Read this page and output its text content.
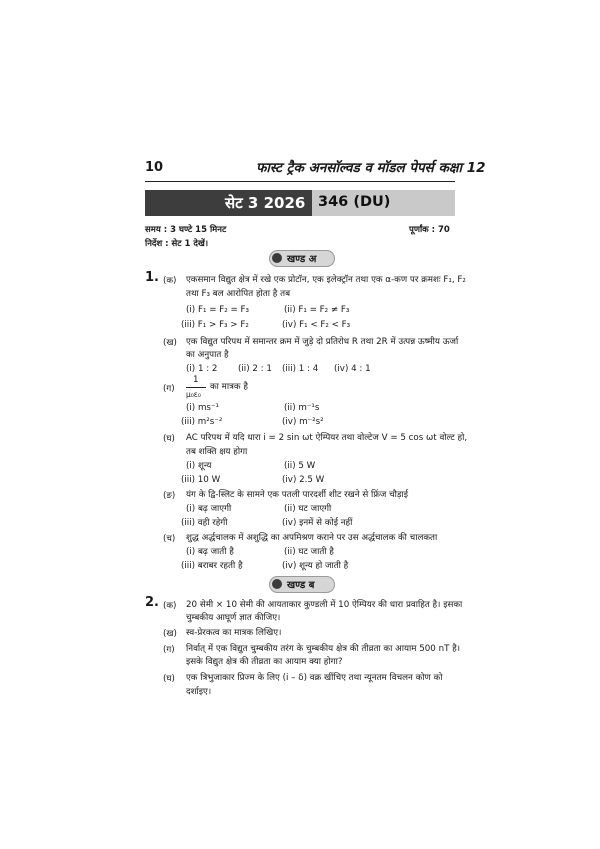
10	फास्ट ट्रैक अनसॉल्वड व मॉडल पेपर्स कक्षा 12
सेट 3 2026 346 (DU)
समय : 3 घण्टे 15 मिनट	पूर्णांक : 70
निर्देश : सेट 1 देखें।
खण्ड अ
1. (क) एकसमान विद्युत क्षेत्र में रखे एक प्रोटॉन, एक इलेक्ट्रॉन तथा एक α-कण पर क्रमशः F₁, F₂
तथा F₃ बल आरोपित होता है तब
(i) F₁ = F₂ = F₃	(ii) F₁ = F₂ ≠ F₃
(iii) F₁ > F₃ > F₂	(iv) F₁ < F₂ < F₃
(ख) एक विद्युत परिपथ में समान्तर क्रम में जुड़े दो प्रतिरोध R तथा 2R में उत्पन्न ऊष्मीय ऊर्जा
का अनुपात है
(i) 1 : 2 (ii) 2 : 1 (iii) 1 : 4 (iv) 4 : 1
(ग)
1
μ₀ε₀
का मात्रक है
(i) ms⁻¹	(ii) m⁻¹s
(iii) m²s⁻²	(iv) m⁻²s²
(घ) AC परिपथ में यदि धारा i = 2 sin ωt ऐम्पियर तथा वोल्टेज V = 5 cos ωt वोल्ट हो,
तब शक्ति क्षय होगा
(i) शून्य	(ii) 5 W
(iii) 10 W	(iv) 2.5 W
(ङ) यंग के द्वि-स्लिट के सामने एक पतली पारदर्शी शीट रखने से फ्रिंज चौड़ाई
(i) बढ़ जाएगी	(ii) घट जाएगी
(iii) वही रहेगी	(iv) इनमें से कोई नहीं
(च) शुद्ध अर्द्धचालक में अशुद्धि का अपमिश्रण कराने पर उस अर्द्धचालक की चालकता
(i) बढ़ जाती है	(ii) घट जाती है
(iii) बराबर रहती है	(iv) शून्य हो जाती है
खण्ड ब
2. (क) 20 सेमी × 10 सेमी की आयताकार कुण्डली में 10 ऐम्पियर की धारा प्रवाहित है। इसका
चुम्बकीय आघूर्ण ज्ञात कीजिए।
(ख) स्व-प्रेरकत्व का मात्रक लिखिए।
(ग) निर्वात् में एक विद्युत चुम्बकीय तरंग के चुम्बकीय क्षेत्र की तीव्रता का आयाम 500 nT है।
इसके विद्युत क्षेत्र की तीव्रता का आयाम क्या होगा?
(घ) एक त्रिभुजाकार प्रिज्म के लिए (i – δ) वक्र खींचिए तथा न्यूनतम विचलन कोण को
दर्शाइए।
